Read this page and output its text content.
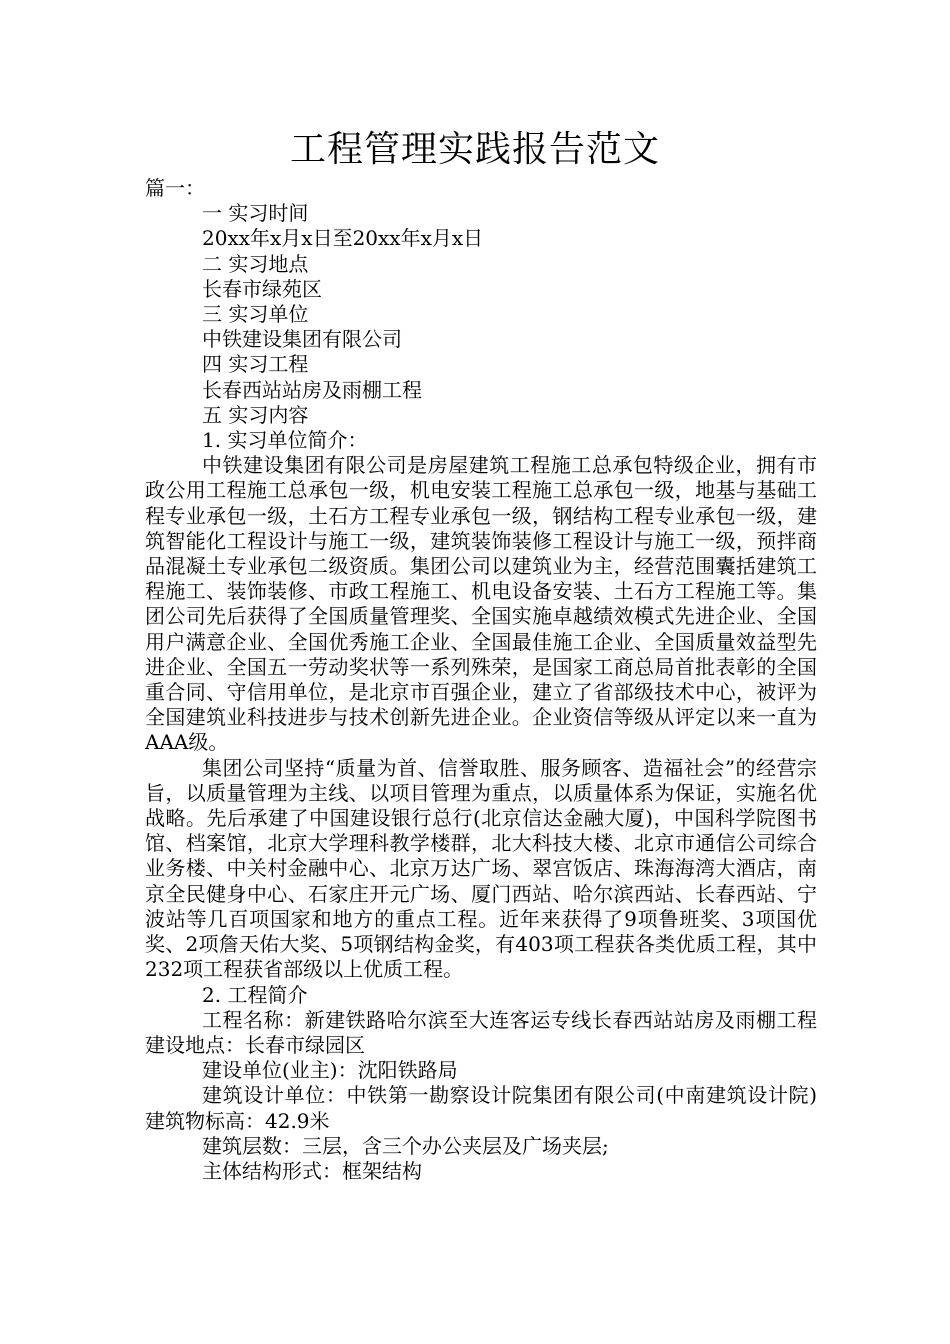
工程管理实践报告范文

篇一：

一 实习时间

20xx年x月x日至20xx年x月x日

二 实习地点

长春市绿苑区

三 实习单位

中铁建设集团有限公司

四 实习工程

长春西站站房及雨棚工程

五 实习内容

1. 实习单位简介：

中铁建设集团有限公司是房屋建筑工程施工总承包特级企业，拥有市政公用工程施工总承包一级，机电安装工程施工总承包一级，地基与基础工程专业承包一级，土石方工程专业承包一级，钢结构工程专业承包一级，建筑智能化工程设计与施工一级，建筑装饰装修工程设计与施工一级，预拌商品混凝土专业承包二级资质。集团公司以建筑业为主，经营范围囊括建筑工程施工、装饰装修、市政工程施工、机电设备安装、土石方工程施工等。集团公司先后获得了全国质量管理奖、全国实施卓越绩效模式先进企业、全国用户满意企业、全国优秀施工企业、全国最佳施工企业、全国质量效益型先进企业、全国五一劳动奖状等一系列殊荣，是国家工商总局首批表彰的全国重合同、守信用单位，是北京市百强企业，建立了省部级技术中心，被评为全国建筑业科技进步与技术创新先进企业。企业资信等级从评定以来一直为AAA级。

集团公司坚持“质量为首、信誉取胜、服务顾客、造福社会”的经营宗旨，以质量管理为主线、以项目管理为重点，以质量体系为保证，实施名优战略。先后承建了中国建设银行总行(北京信达金融大厦)，中国科学院图书馆、档案馆，北京大学理科教学楼群，北大科技大楼、北京市通信公司综合业务楼、中关村金融中心、北京万达广场、翠宫饭店、珠海海湾大酒店，南京全民健身中心、石家庄开元广场、厦门西站、哈尔滨西站、长春西站、宁波站等几百项国家和地方的重点工程。近年来获得了9项鲁班奖、3项国优奖、2项詹天佑大奖、5项钢结构金奖，有403项工程获各类优质工程，其中232项工程获省部级以上优质工程。

2. 工程简介

工程名称：新建铁路哈尔滨至大连客运专线长春西站站房及雨棚工程 建设地点：长春市绿园区

建设单位(业主)：沈阳铁路局

建筑设计单位：中铁第一勘察设计院集团有限公司(中南建筑设计院) 建筑物标高：42.9米

建筑层数：三层，含三个办公夹层及广场夹层;

主体结构形式：框架结构
